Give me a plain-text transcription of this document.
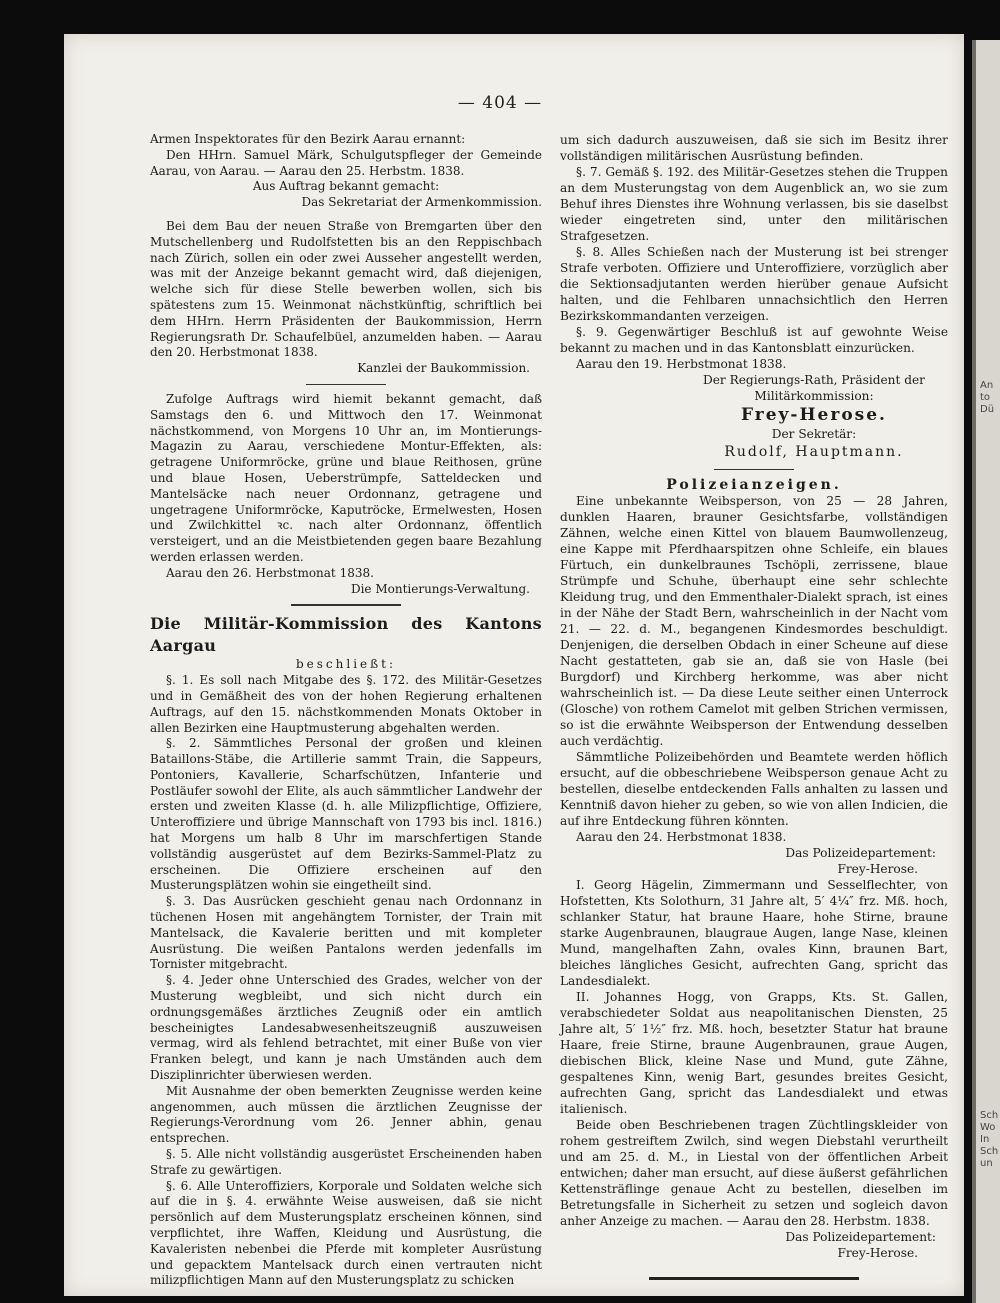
An
to
Dü
Sch
Wo
In
Sch
un
— 404 —

Armen Inspektorates für den Bezirk Aarau ernannt:

Den HHrn. Samuel Märk, Schulgutspfleger der Gemeinde Aarau, von Aarau. — Aarau den 25. Herbstm. 1838.

Aus Auftrag bekannt gemacht:

Das Sekretariat der Armenkommission.

Bei dem Bau der neuen Straße von Bremgarten über den Mutschellenberg und Rudolfstetten bis an den Reppischbach nach Zürich, sollen ein oder zwei Ausseher angestellt werden, was mit der Anzeige bekannt gemacht wird, daß diejenigen, welche sich für diese Stelle bewerben wollen, sich bis spätestens zum 15. Weinmonat nächstkünftig, schriftlich bei dem HHrn. Herrn Präsidenten der Baukommission, Herrn Regierungsrath Dr. Schaufelbüel, anzumelden haben. — Aarau den 20. Herbstmonat 1838.

Kanzlei der Baukommission.

Zufolge Auftrags wird hiemit bekannt gemacht, daß Samstags den 6. und Mittwoch den 17. Weinmonat nächstkommend, von Morgens 10 Uhr an, im Montierungs-Magazin zu Aarau, verschiedene Montur-Effekten, als: getragene Uniformröcke, grüne und blaue Reithosen, grüne und blaue Hosen, Ueberstrümpfe, Satteldecken und Mantelsäcke nach neuer Ordonnanz, getragene und ungetragene Uniformröcke, Kaputröcke, Ermelwesten, Hosen und Zwilchkittel ꝛc. nach alter Ordonnanz, öffentlich versteigert, und an die Meistbietenden gegen baare Bezahlung werden erlassen werden.

Aarau den 26. Herbstmonat 1838.

Die Montierungs-Verwaltung.

Die Militär-Kommission des Kantons Aargau

beschließt:

§. 1. Es soll nach Mitgabe des §. 172. des Militär-Gesetzes und in Gemäßheit des von der hohen Regierung erhaltenen Auftrags, auf den 15. nächstkommenden Monats Oktober in allen Bezirken eine Hauptmusterung abgehalten werden.

§. 2. Sämmtliches Personal der großen und kleinen Bataillons-Stäbe, die Artillerie sammt Train, die Sappeurs, Pontoniers, Kavallerie, Scharfschützen, Infanterie und Postläufer sowohl der Elite, als auch sämmtlicher Landwehr der ersten und zweiten Klasse (d. h. alle Milizpflichtige, Offiziere, Unteroffiziere und übrige Mannschaft von 1793 bis incl. 1816.) hat Morgens um halb 8 Uhr im marschfertigen Stande vollständig ausgerüstet auf dem Bezirks-Sammel-Platz zu erscheinen. Die Offiziere erscheinen auf den Musterungsplätzen wohin sie eingetheilt sind.

§. 3. Das Ausrücken geschieht genau nach Ordonnanz in tüchenen Hosen mit angehängtem Tornister, der Train mit Mantelsack, die Kavalerie beritten und mit kompleter Ausrüstung. Die weißen Pantalons werden jedenfalls im Tornister mitgebracht.

§. 4. Jeder ohne Unterschied des Grades, welcher von der Musterung wegbleibt, und sich nicht durch ein ordnungsgemäßes ärztliches Zeugniß oder ein amtlich bescheinigtes Landesabwesenheitszeugniß auszuweisen vermag, wird als fehlend betrachtet, mit einer Buße von vier Franken belegt, und kann je nach Umständen auch dem Disziplinrichter überwiesen werden.

Mit Ausnahme der oben bemerkten Zeugnisse werden keine angenommen, auch müssen die ärztlichen Zeugnisse der Regierungs-Verordnung vom 26. Jenner abhin, genau entsprechen.

§. 5. Alle nicht vollständig ausgerüstet Erscheinenden haben Strafe zu gewärtigen.

§. 6. Alle Unteroffiziers, Korporale und Soldaten welche sich auf die in §. 4. erwähnte Weise ausweisen, daß sie nicht persönlich auf dem Musterungsplatz erscheinen können, sind verpflichtet, ihre Waffen, Kleidung und Ausrüstung, die Kavaleristen nebenbei die Pferde mit kompleter Ausrüstung und gepacktem Mantelsack durch einen vertrauten nicht milizpflichtigen Mann auf den Musterungsplatz zu schicken

um sich dadurch auszuweisen, daß sie sich im Besitz ihrer vollständigen militärischen Ausrüstung befinden.

§. 7. Gemäß §. 192. des Militär-Gesetzes stehen die Truppen an dem Musterungstag von dem Augenblick an, wo sie zum Behuf ihres Dienstes ihre Wohnung verlassen, bis sie daselbst wieder eingetreten sind, unter den militärischen Strafgesetzen.

§. 8. Alles Schießen nach der Musterung ist bei strenger Strafe verboten. Offiziere und Unteroffiziere, vorzüglich aber die Sektionsadjutanten werden hierüber genaue Aufsicht halten, und die Fehlbaren unnachsichtlich den Herren Bezirkskommandanten verzeigen.

§. 9. Gegenwärtiger Beschluß ist auf gewohnte Weise bekannt zu machen und in das Kantonsblatt einzurücken.

Aarau den 19. Herbstmonat 1838.

Der Regierungs-Rath, Präsident der Militärkommission:

Frey-Herose.

Der Sekretär:

Rudolf, Hauptmann.

Polizeianzeigen.

Eine unbekannte Weibsperson, von 25 — 28 Jahren, dunklen Haaren, brauner Gesichtsfarbe, vollständigen Zähnen, welche einen Kittel von blauem Baumwollenzeug, eine Kappe mit Pferdhaarspitzen ohne Schleife, ein blaues Fürtuch, ein dunkelbraunes Tschöpli, zerrissene, blaue Strümpfe und Schuhe, überhaupt eine sehr schlechte Kleidung trug, und den Emmenthaler-Dialekt sprach, ist eines in der Nähe der Stadt Bern, wahrscheinlich in der Nacht vom 21. — 22. d. M., begangenen Kindesmordes beschuldigt. Denjenigen, die derselben Obdach in einer Scheune auf diese Nacht gestatteten, gab sie an, daß sie von Hasle (bei Burgdorf) und Kirchberg herkomme, was aber nicht wahrscheinlich ist. — Da diese Leute seither einen Unterrock (Gloschе) von rothem Camelot mit gelben Strichen vermissen, so ist die erwähnte Weibsperson der Entwendung desselben auch verdächtig.

Sämmtliche Polizeibehörden und Beamtete werden höflich ersucht, auf die obbeschriebene Weibsperson genaue Acht zu bestellen, dieselbe entdeckenden Falls anhalten zu lassen und Kenntniß davon hieher zu geben, so wie von allen Indicien, die auf ihre Entdeckung führen könnten.

Aarau den 24. Herbstmonat 1838.

Das Polizeidepartement:

Frey-Herose.

I. Georg Hägelin, Zimmermann und Sesselflechter, von Hofstetten, Kts Solothurn, 31 Jahre alt, 5′ 4¼″ frz. Mß. hoch, schlanker Statur, hat braune Haare, hohe Stirne, braune starke Augenbraunen, blaugraue Augen, lange Nase, kleinen Mund, mangelhaften Zahn, ovales Kinn, braunen Bart, bleiches längliches Gesicht, aufrechten Gang, spricht das Landesdialekt.

II. Johannes Hogg, von Grapps, Kts. St. Gallen, verabschiedeter Soldat aus neapolitanischen Diensten, 25 Jahre alt, 5′ 1½″ frz. Mß. hoch, besetzter Statur hat braune Haare, freie Stirne, braune Augenbraunen, graue Augen, diebischen Blick, kleine Nase und Mund, gute Zähne, gespaltenes Kinn, wenig Bart, gesundes breites Gesicht, aufrechten Gang, spricht das Landesdialekt und etwas italienisch.

Beide oben Beschriebenen tragen Züchtlingskleider von rohem gestreiftem Zwilch, sind wegen Diebstahl verurtheilt und am 25. d. M., in Liestal von der öffentlichen Arbeit entwichen; daher man ersucht, auf diese äußerst gefährlichen Kettensträflinge genaue Acht zu bestellen, dieselben im Betretungsfalle in Sicherheit zu setzen und sogleich davon anher Anzeige zu machen. — Aarau den 28. Herbstm. 1838.

Das Polizeidepartement:

Frey-Herose.
